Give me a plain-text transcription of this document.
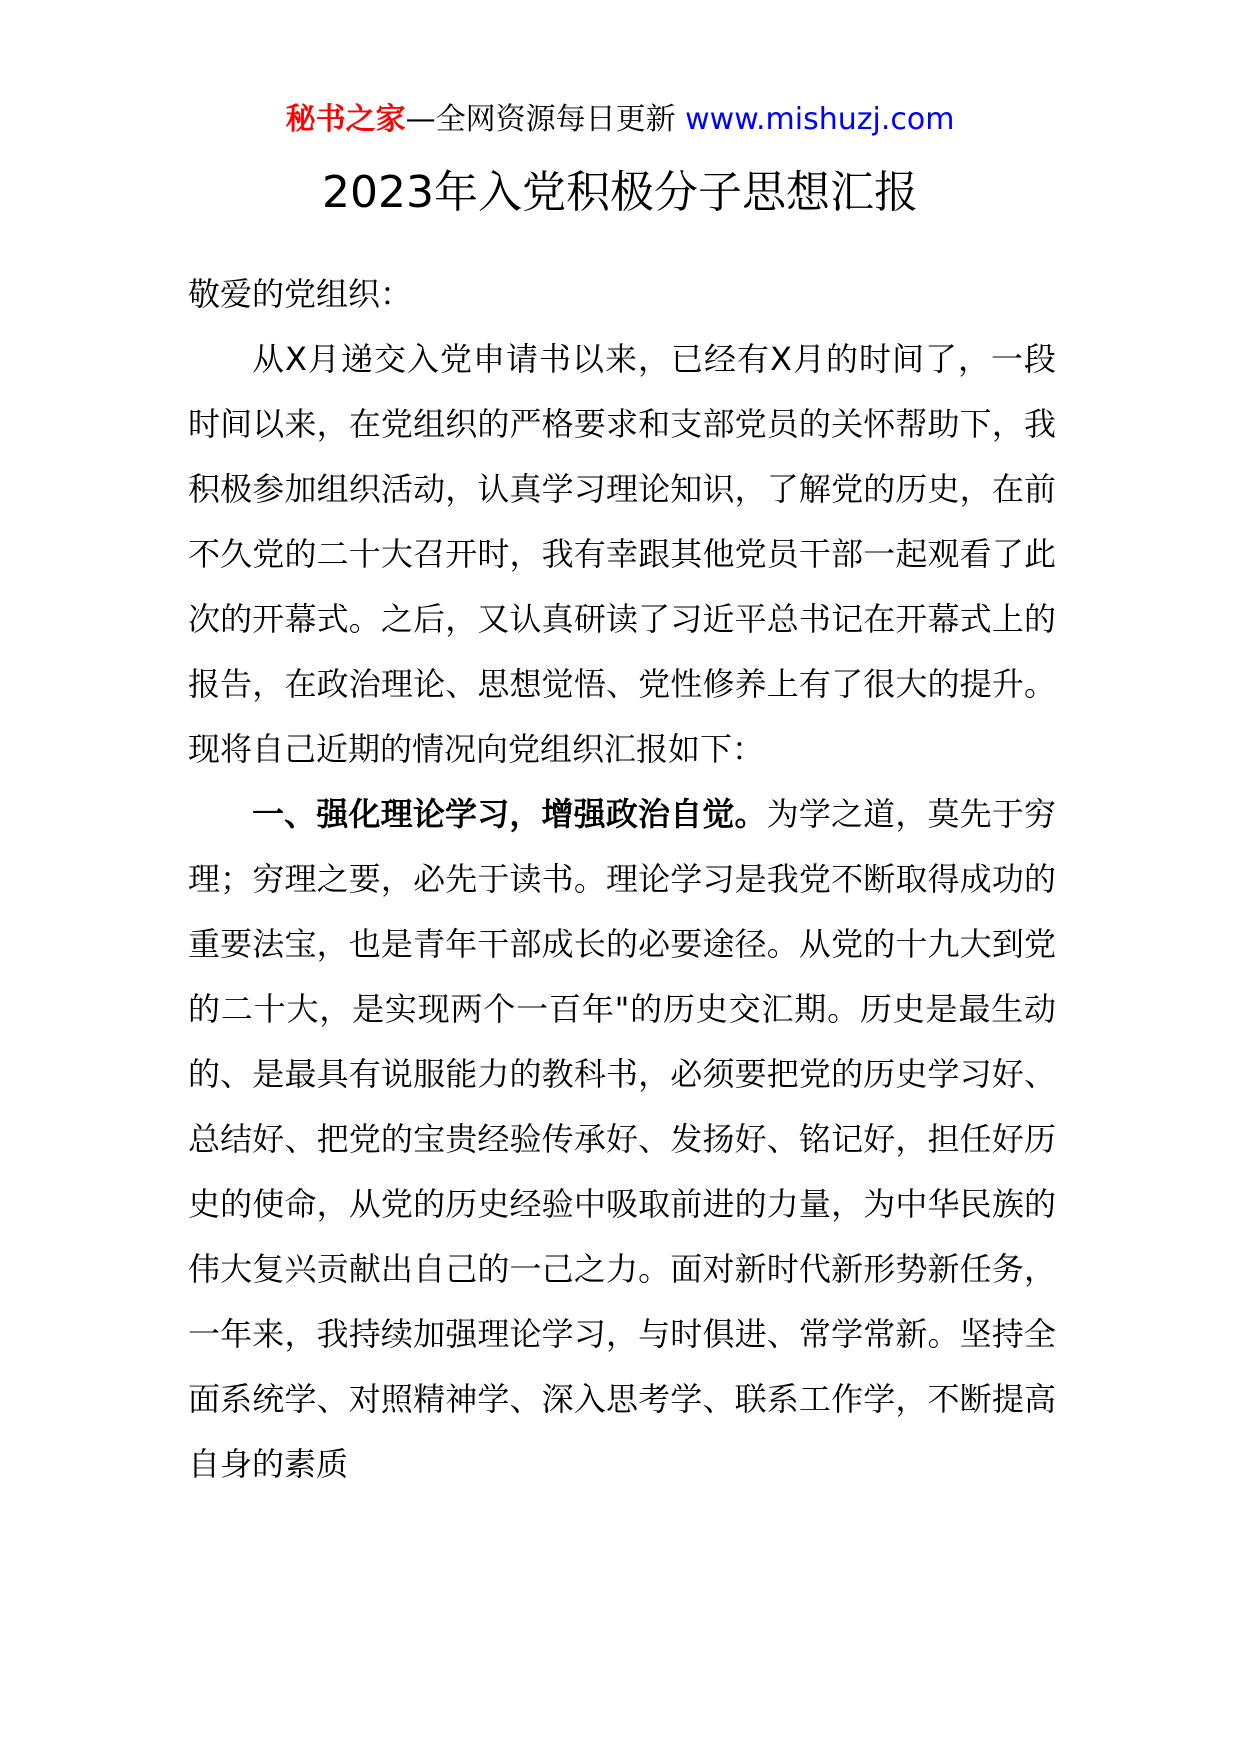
秘书之家—全网资源每日更新 www.mishuzj.com
2023年入党积极分子思想汇报

敬爱的党组织：

从X月递交入党申请书以来，已经有X月的时间了，一段时间以来，在党组织的严格要求和支部党员的关怀帮助下，我积极参加组织活动，认真学习理论知识，了解党的历史，在前不久党的二十大召开时，我有幸跟其他党员干部一起观看了此次的开幕式。之后，又认真研读了习近平总书记在开幕式上的报告，在政治理论、思想觉悟、党性修养上有了很大的提升。现将自己近期的情况向党组织汇报如下：

一、强化理论学习，增强政治自觉。为学之道，莫先于穷理；穷理之要，必先于读书。理论学习是我党不断取得成功的重要法宝，也是青年干部成长的必要途径。从党的十九大到党的二十大，是实现两个一百年"的历史交汇期。历史是最生动的、是最具有说服能力的教科书，必须要把党的历史学习好、总结好、把党的宝贵经验传承好、发扬好、铭记好，担任好历史的使命，从党的历史经验中吸取前进的力量，为中华民族的伟大复兴贡献出自己的一己之力。面对新时代新形势新任务，一年来，我持续加强理论学习，与时俱进、常学常新。坚持全面系统学、对照精神学、深入思考学、联系工作学，不断提高自身的素质
